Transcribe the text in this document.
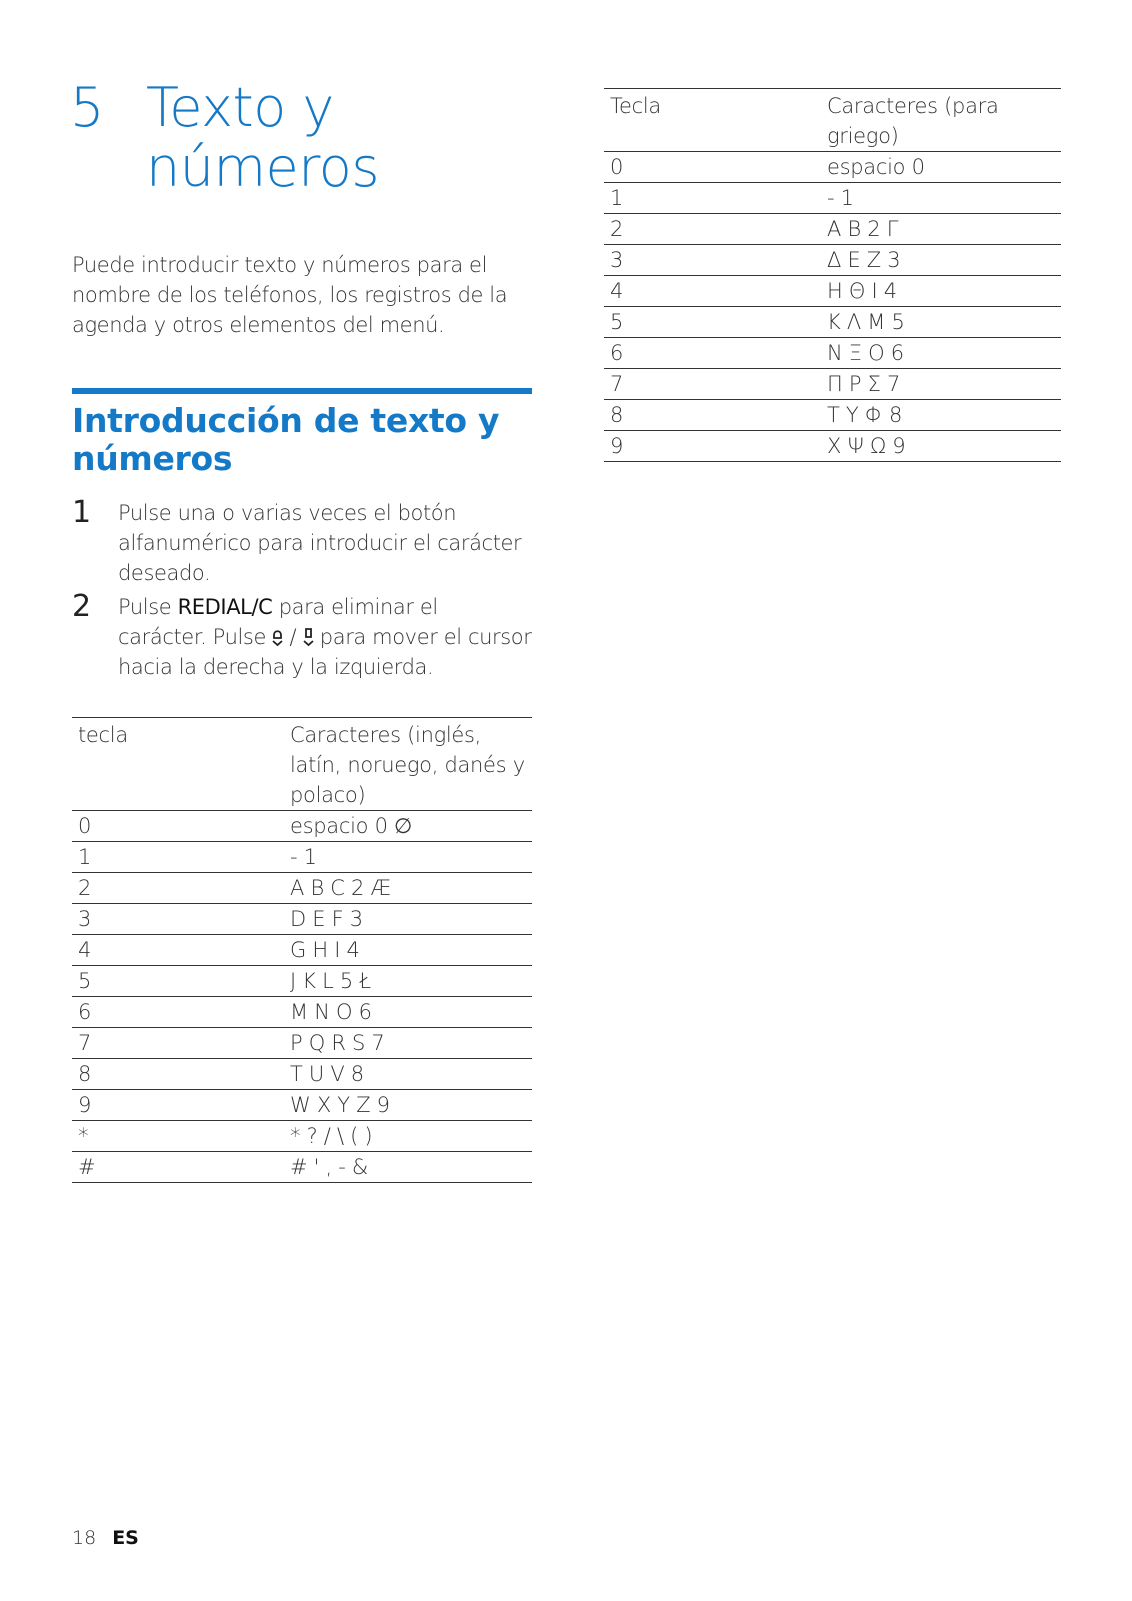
5 Texto y números

Puede introducir texto y números para el nombre de los teléfonos, los registros de la agenda y otros elementos del menú.

Introducción de texto y números
1	Pulse una o varias veces el botón alfanumérico para introducir el carácter deseado.
2	Pulse REDIAL/C para eliminar el carácter. Pulse / para mover el cursor hacia la derecha y la izquierda.
tecla	Caracteres (inglés, latín, noruego, danés y polaco)
0	espacio 0 ∅
1	- 1
2	A B C 2 Æ
3	D E F 3
4	G H I 4
5	J K L 5 Ł
6	M N O 6
7	P Q R S 7
8	T U V 8
9	W X Y Z 9
*	* ? / \ ( )
#	# ' , - &
Tecla	Caracteres (para griego)
0	espacio 0
1	- 1
2	Α Β 2 Γ
3	Δ Ε Ζ 3
4	Η Θ Ι 4
5	Κ Λ Μ 5
6	Ν Ξ Ο 6
7	Π Ρ Σ 7
8	Τ Υ Φ 8
9	Χ Ψ Ω 9
18 ES
